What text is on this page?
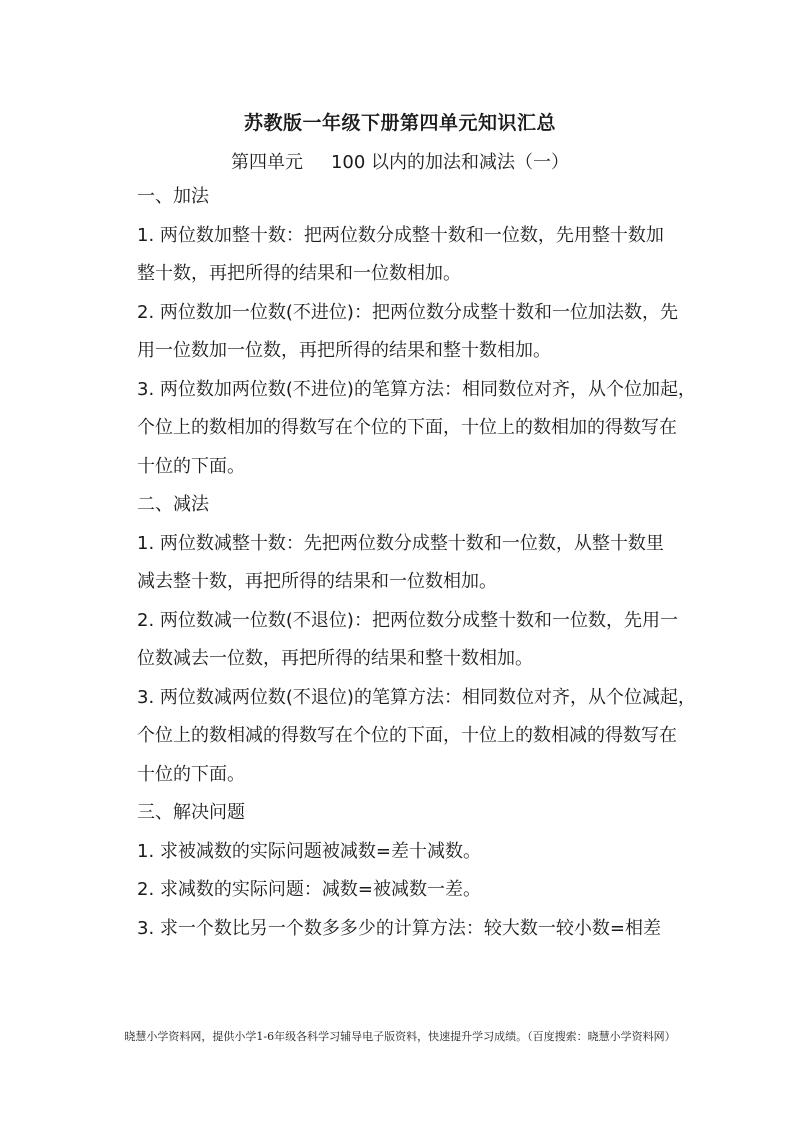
苏教版一年级下册第四单元知识汇总
第四单元 100 以内的加法和减法（一）
一、加法
1. 两位数加整十数：把两位数分成整十数和一位数，先用整十数加
整十数，再把所得的结果和一位数相加。
2. 两位数加一位数(不进位)：把两位数分成整十数和一位加法数，先
用一位数加一位数，再把所得的结果和整十数相加。
3. 两位数加两位数(不进位)的笔算方法：相同数位对齐，从个位加起，
个位上的数相加的得数写在个位的下面，十位上的数相加的得数写在
十位的下面。
二、减法
1. 两位数减整十数：先把两位数分成整十数和一位数，从整十数里
减去整十数，再把所得的结果和一位数相加。
2. 两位数减一位数(不退位)：把两位数分成整十数和一位数，先用一
位数减去一位数，再把所得的结果和整十数相加。
3. 两位数减两位数(不退位)的笔算方法：相同数位对齐，从个位减起，
个位上的数相减的得数写在个位的下面，十位上的数相减的得数写在
十位的下面。
三、解决问题
1. 求被减数的实际问题被减数=差十减数。
2. 求减数的实际问题：减数=被减数一差。
3. 求一个数比另一个数多多少的计算方法：较大数一较小数=相差
晓慧小学资料网，提供小学1-6年级各科学习辅导电子版资料，快速提升学习成绩。（百度搜索：晓慧小学资料网）
